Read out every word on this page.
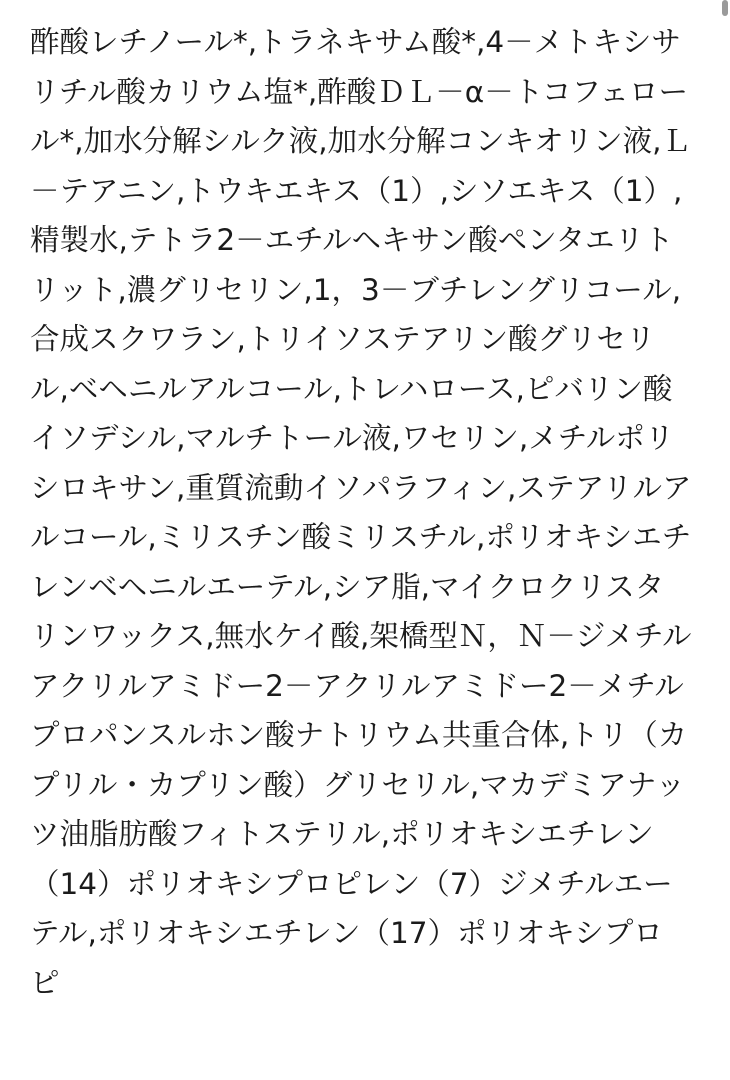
酢酸レチノール*,トラネキサム酸*,4－メトキシサリチル酸カリウム塩*,酢酸ＤＬ－α－トコフェロール*,加水分解シルク液,加水分解コンキオリン液,Ｌ－テアニン,トウキエキス（1）,シソエキス（1）,精製水,テトラ2－エチルヘキサン酸ペンタエリトリット,濃グリセリン,1，3－ブチレングリコール,合成スクワラン,トリイソステアリン酸グリセリル,ベヘニルアルコール,トレハロース,ピバリン酸イソデシル,マルチトール液,ワセリン,メチルポリシロキサン,重質流動イソパラフィン,ステアリルアルコール,ミリスチン酸ミリスチル,ポリオキシエチレンベヘニルエーテル,シア脂,マイクロクリスタリンワックス,無水ケイ酸,架橋型Ｎ，Ｎ－ジメチルアクリルアミドー2－アクリルアミドー2－メチルプロパンスルホン酸ナトリウム共重合体,トリ（カプリル・カプリン酸）グリセリル,マカデミアナッツ油脂肪酸フィトステリル,ポリオキシエチレン（14）ポリオキシプロピレン（7）ジメチルエーテル,ポリオキシエチレン（17）ポリオキシプロピ
